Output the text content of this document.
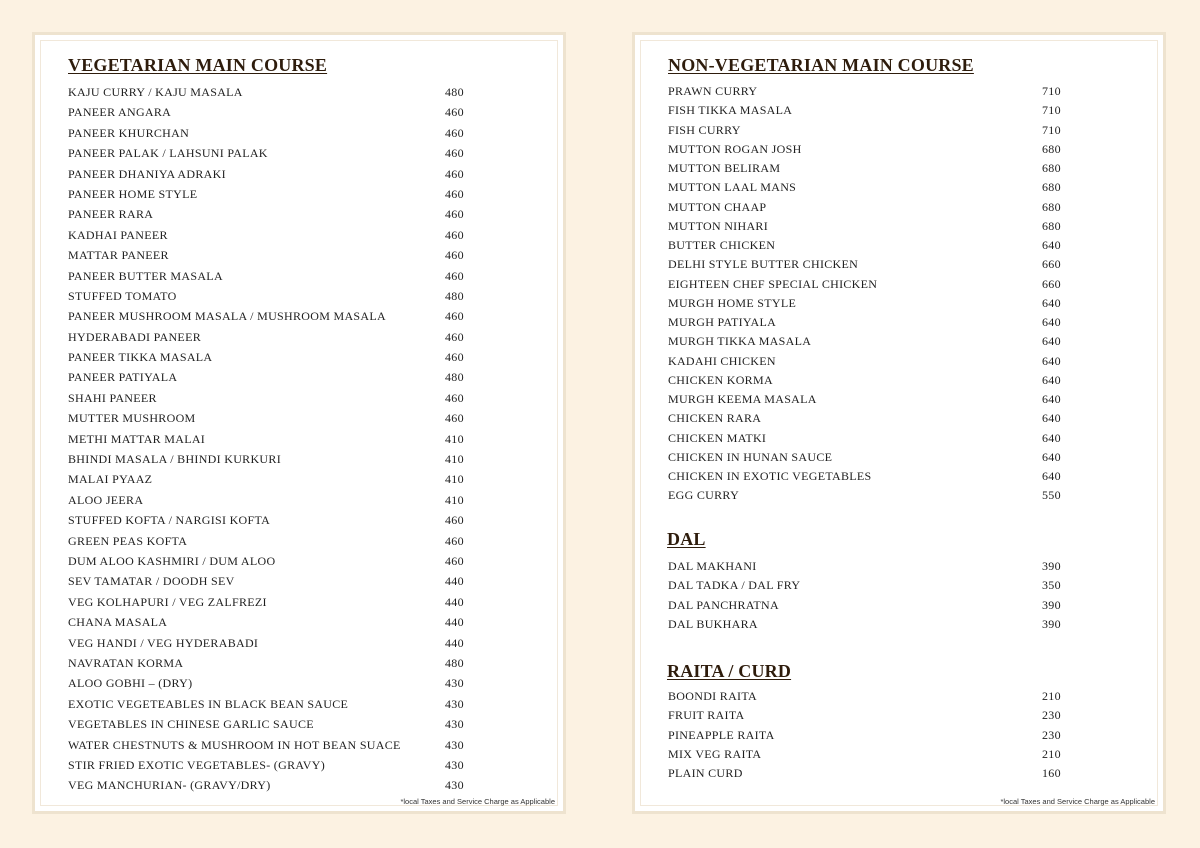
VEGETARIAN MAIN COURSE
KAJU CURRY / KAJU MASALA	480
PANEER ANGARA	460
PANEER KHURCHAN	460
PANEER PALAK / LAHSUNI PALAK	460
PANEER DHANIYA ADRAKI	460
PANEER HOME STYLE	460
PANEER RARA	460
KADHAI PANEER	460
MATTAR PANEER	460
PANEER BUTTER MASALA	460
STUFFED TOMATO	480
PANEER MUSHROOM MASALA / MUSHROOM MASALA	460
HYDERABADI PANEER	460
PANEER TIKKA MASALA	460
PANEER PATIYALA	480
SHAHI PANEER	460
MUTTER MUSHROOM	460
METHI MATTAR MALAI	410
BHINDI MASALA / BHINDI KURKURI	410
MALAI PYAAZ	410
ALOO JEERA	410
STUFFED KOFTA / NARGISI KOFTA	460
GREEN PEAS KOFTA	460
DUM ALOO KASHMIRI / DUM ALOO	460
SEV TAMATAR / DOODH SEV	440
VEG KOLHAPURI / VEG ZALFREZI	440
CHANA MASALA	440
VEG HANDI / VEG HYDERABADI	440
NAVRATAN KORMA	480
ALOO GOBHI – (DRY)	430
EXOTIC VEGETEABLES IN BLACK BEAN SAUCE	430
VEGETABLES IN CHINESE GARLIC SAUCE	430
WATER CHESTNUTS & MUSHROOM IN HOT BEAN SUACE	430
STIR FRIED EXOTIC VEGETABLES- (GRAVY)	430
VEG MANCHURIAN- (GRAVY/DRY)	430
*local Taxes and Service Charge as Applicable
NON-VEGETARIAN MAIN COURSE
PRAWN CURRY	710
FISH TIKKA MASALA	710
FISH CURRY	710
MUTTON ROGAN JOSH	680
MUTTON BELIRAM	680
MUTTON LAAL MANS	680
MUTTON CHAAP	680
MUTTON NIHARI	680
BUTTER CHICKEN	640
DELHI STYLE BUTTER CHICKEN	660
EIGHTEEN CHEF SPECIAL CHICKEN	660
MURGH HOME STYLE	640
MURGH PATIYALA	640
MURGH TIKKA MASALA	640
KADAHI CHICKEN	640
CHICKEN KORMA	640
MURGH KEEMA MASALA	640
CHICKEN RARA	640
CHICKEN MATKI	640
CHICKEN IN HUNAN SAUCE	640
CHICKEN IN EXOTIC VEGETABLES	640
EGG CURRY	550
DAL
DAL MAKHANI	390
DAL TADKA / DAL FRY	350
DAL PANCHRATNA	390
DAL BUKHARA	390
RAITA / CURD
BOONDI RAITA	210
FRUIT RAITA	230
PINEAPPLE RAITA	230
MIX VEG RAITA	210
PLAIN CURD	160
*local Taxes and Service Charge as Applicable
